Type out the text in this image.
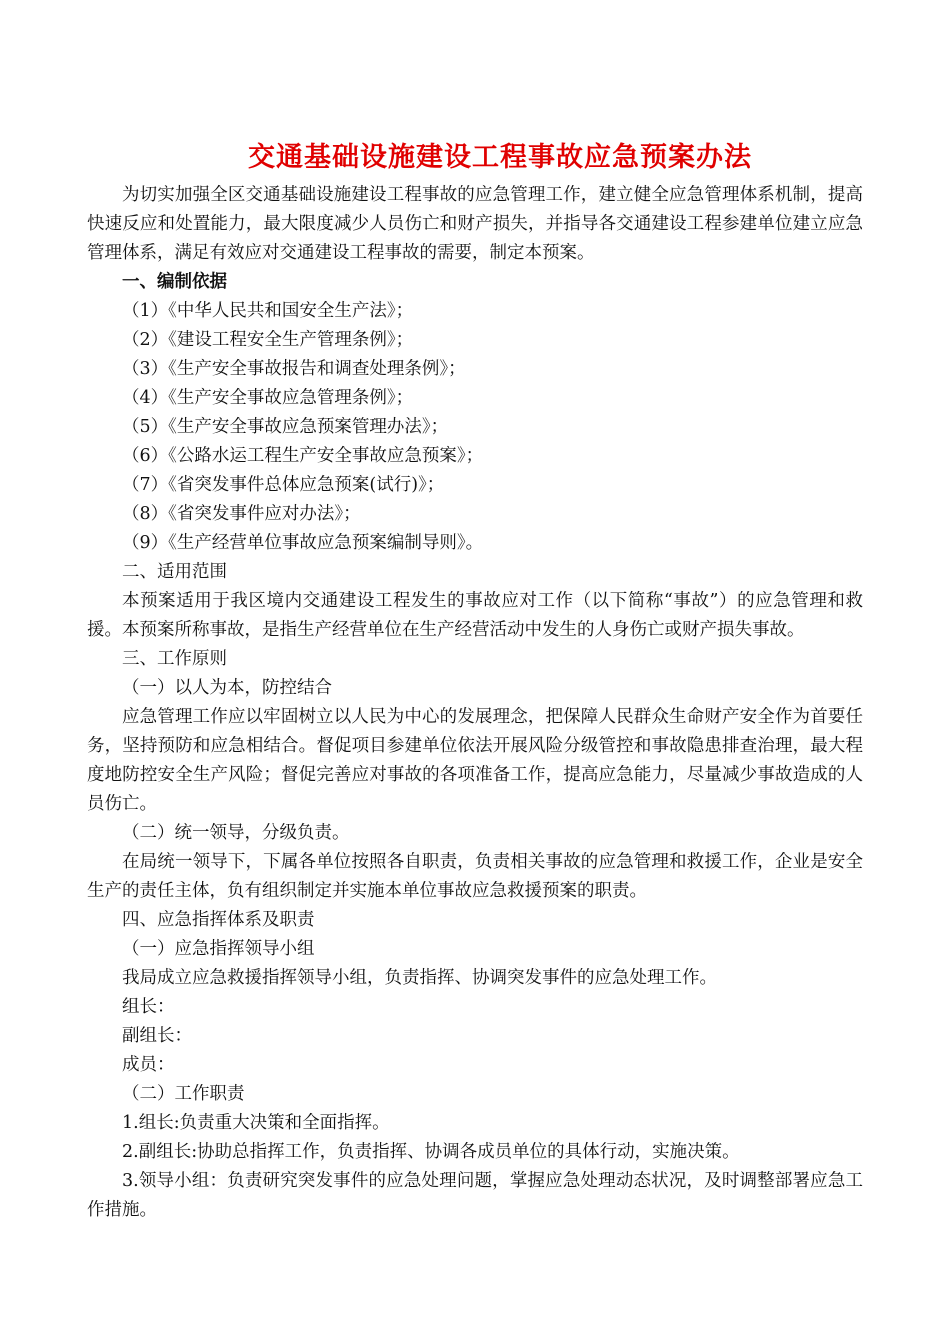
交通基础设施建设工程事故应急预案办法

为切实加强全区交通基础设施建设工程事故的应急管理工作，建立健全应急管理体系机制，提高快速反应和处置能力，最大限度减少人员伤亡和财产损失，并指导各交通建设工程参建单位建立应急管理体系，满足有效应对交通建设工程事故的需要，制定本预案。

一、编制依据

（1）《中华人民共和国安全生产法》；

（2）《建设工程安全生产管理条例》；

（3）《生产安全事故报告和调查处理条例》；

（4）《生产安全事故应急管理条例》；

（5）《生产安全事故应急预案管理办法》；

（6）《公路水运工程生产安全事故应急预案》；

（7）《省突发事件总体应急预案(试行)》；

（8）《省突发事件应对办法》；

（9）《生产经营单位事故应急预案编制导则》。

二、适用范围

本预案适用于我区境内交通建设工程发生的事故应对工作（以下简称“事故”）的应急管理和救援。本预案所称事故，是指生产经营单位在生产经营活动中发生的人身伤亡或财产损失事故。

三、工作原则

（一）以人为本，防控结合

应急管理工作应以牢固树立以人民为中心的发展理念，把保障人民群众生命财产安全作为首要任务，坚持预防和应急相结合。督促项目参建单位依法开展风险分级管控和事故隐患排查治理，最大程度地防控安全生产风险；督促完善应对事故的各项准备工作，提高应急能力，尽量减少事故造成的人员伤亡。

（二）统一领导，分级负责。

在局统一领导下，下属各单位按照各自职责，负责相关事故的应急管理和救援工作，企业是安全生产的责任主体，负有组织制定并实施本单位事故应急救援预案的职责。

四、应急指挥体系及职责

（一）应急指挥领导小组

我局成立应急救援指挥领导小组，负责指挥、协调突发事件的应急处理工作。

组长：

副组长：

成员：

（二）工作职责

1.组长:负责重大决策和全面指挥。

2.副组长:协助总指挥工作，负责指挥、协调各成员单位的具体行动，实施决策。

3.领导小组：负责研究突发事件的应急处理问题，掌握应急处理动态状况，及时调整部署应急工作措施。
